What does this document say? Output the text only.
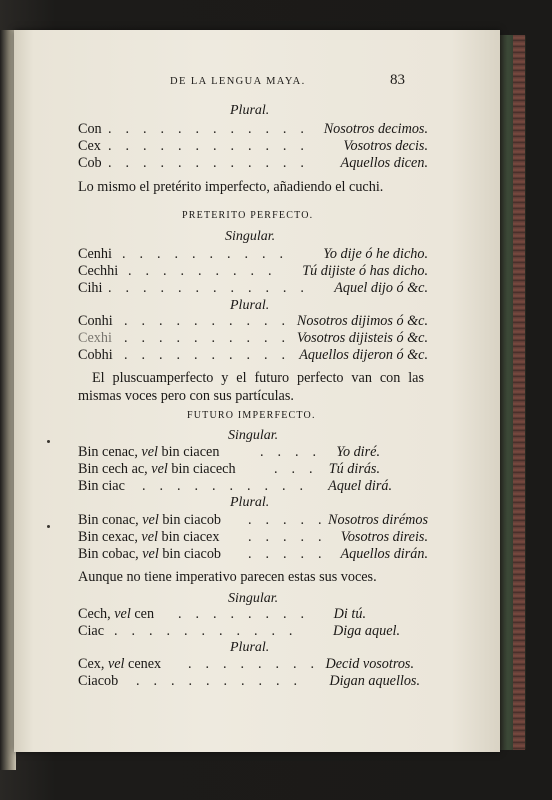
DE LA LENGUA MAYA.	83
Plural.
Con . . . . . . . . . . . . Nosotros decimos.
Cex . . . . . . . . . . . . Vosotros decis.
Cob . . . . . . . . . . . . Aquellos dicen.
Lo mismo el pretérito imperfecto, añadiendo el cuchi.
PRETERITO PERFECTO.
Singular.
Cenhi . . . . . . . . . . Yo dije ó he dicho.
Cechhi . . . . . . . . . Tú dijiste ó has dicho.
Cihi . . . . . . . . . . . . Aquel dijo ó &c.
Plural.
Conhi . . . . . . . . . . Nosotros dijimos ó &c.
Cexhi . . . . . . . . . . Vosotros dijisteis ó &c.
Cobhi . . . . . . . . . . Aquellos dijeron ó &c.
El pluscuamperfecto y el futuro perfecto van con las mismas voces pero con sus partículas.
FUTURO IMPERFECTO.
Singular.
Bin cenac, vel bin ciacen	. . . . Yo diré.
Bin cech ac, vel bin ciacech	. . . Tú dirás.
Bin ciac . . . . . . . . . . Aquel dirá.
Plural.
Bin conac, vel bin ciacob . . . . . Nosotros dirémos
Bin cexac, vel bin ciacex . . . . . Vosotros direis.
Bin cobac, vel bin ciacob . . . . . Aquellos dirán.
Aunque no tiene imperativo parecen estas sus voces.
Singular.
Cech, vel cen . . . . . . . . Di tú.
Ciac . . . . . . . . . . . Diga aquel.
Plural.
Cex, vel cenex . . . . . . . . Decid vosotros.
Ciacob . . . . . . . . . . Digan aquellos.
